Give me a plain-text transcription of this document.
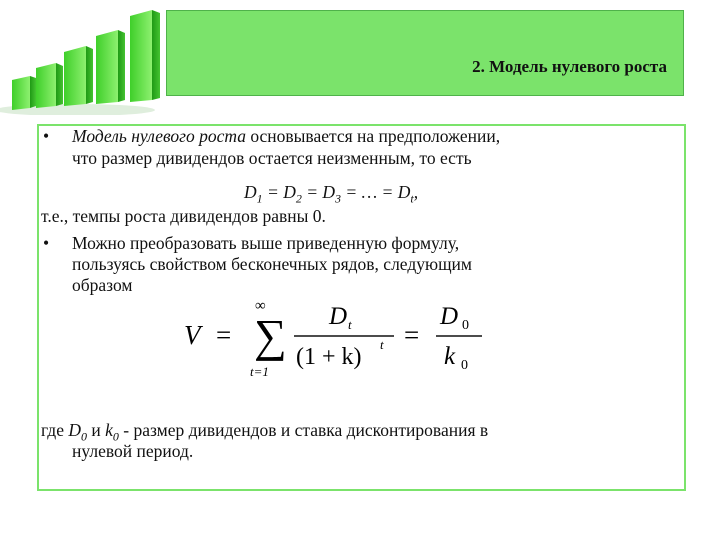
2. Модель нулевого роста
• Модель нулевого роста основывается на предположении,
что размер дивидендов остается неизменным, то есть
$D_1 = D_2 = D_3$ = … = $D_t$,
т.е., темпы роста дивидендов равны 0.
• Можно преобразовать выше приведенную формулу,
пользуясь свойством бесконечных рядов, следующим
образом
V =
∞
∑
t=1
D t
(1 + k) t =
D 0
k 0
где $D_0$ и $k_0$ - размер дивидендов и ставка дисконтирования в
нулевой период.
